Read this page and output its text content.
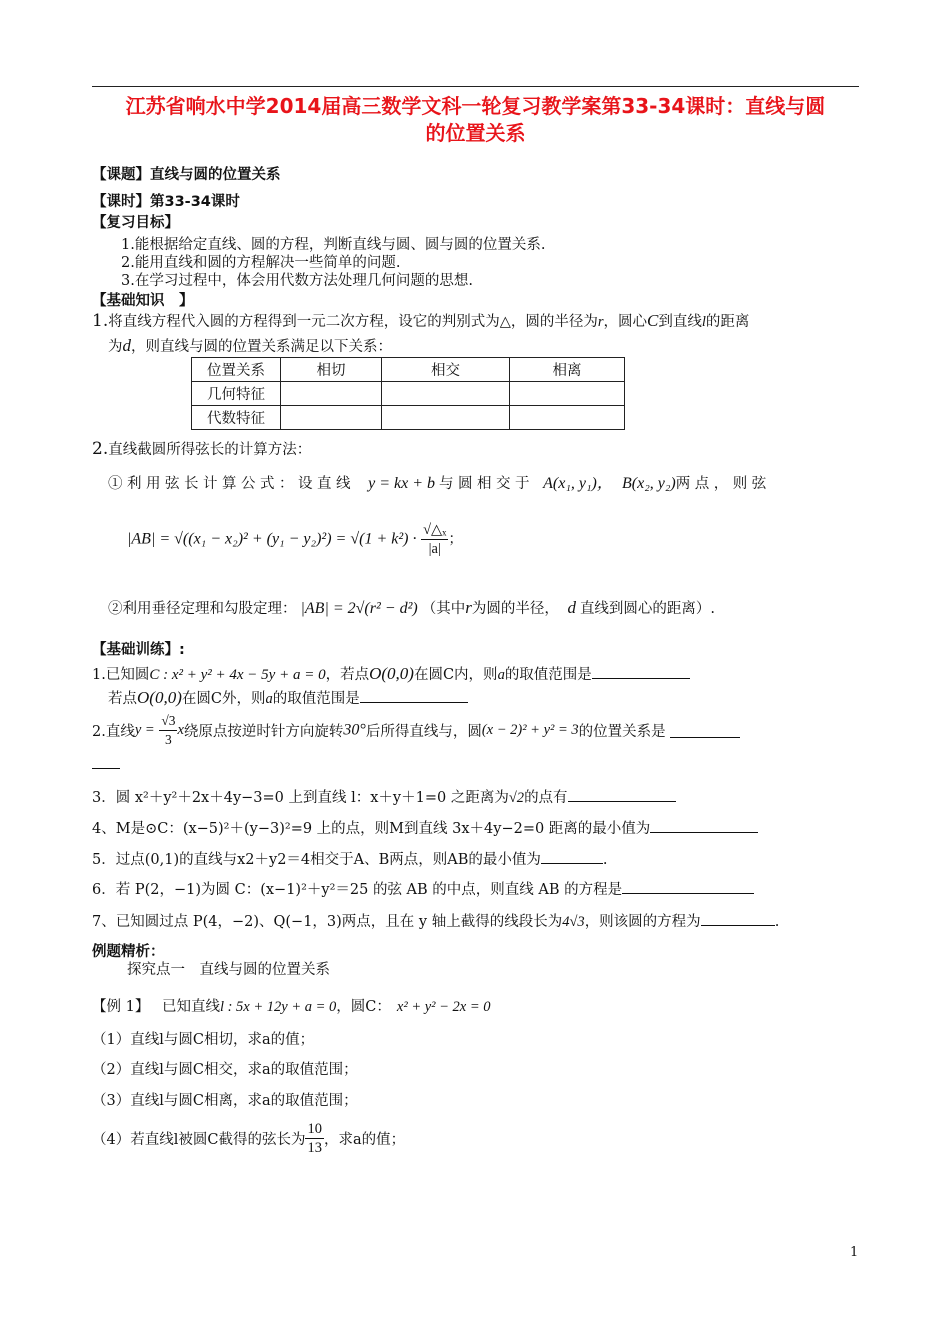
江苏省响水中学2014届高三数学文科一轮复习教学案第33-34课时：直线与圆
的位置关系
【课题】直线与圆的位置关系
【课时】第33-34课时
【复习目标】
1.能根据给定直线、圆的方程，判断直线与圆、圆与圆的位置关系.
2.能用直线和圆的方程解决一些简单的问题.
3.在学习过程中，体会用代数方法处理几何问题的思想.
【基础知识　】
1.将直线方程代入圆的方程得到一元二次方程，设它的判别式为△，圆的半径为r，圆心C到直线l的距离
为d，则直线与圆的位置关系满足以下关系：
位置关系	相切	相交	相离
几何特征			
代数特征			
2.直线截圆所得弦长的计算方法：
①利用弦长计算公式：设直线 y = kx + b 与圆相交于 A(x₁, y₁)， B(x₂, y₂)两点，则弦
$|AB| = √((x_1 - x_2)^2 + (y_1 - y_2)^2) = √(1 + k^2) \cdot \frac{\text{√△ₓ}}{|a|}$ ；
②利用垂径定理和勾股定理： |AB| = 2√(r² − d²) （其中r为圆的半径， d 直线到圆心的距离）.
【基础训练】:
1.已知圆C : x² + y² + 4x − 5y + a = 0，若点O(0,0)在圆C内，则a的取值范围是
若点O(0,0)在圆C外，则a的取值范围是
2.直线$y = \frac{√3}{3}$ x绕原点按逆时针方向旋转30°后所得直线与，圆(x − 2)² + y² = 3的位置关系是
3．圆 x²＋y²＋2x＋4y−3=0 上到直线 l：x＋y＋1=0 之距离为√2的点有
4、M是⊙C：(x−5)²＋(y−3)²=9 上的点，则M到直线 3x＋4y−2=0 距离的最小值为
5．过点(0,1)的直线与x2＋y2＝4相交于A、B两点，则AB的最小值为	.
6．若 P(2，−1)为圆 C：(x−1)²＋y²＝25 的弦 AB 的中点，则直线 AB 的方程是
7、已知圆过点 P(4，−2)、Q(−1，3)两点，且在 y 轴上截得的线段长为4√3，则该圆的方程为	.
例题精析：
探究点一　直线与圆的位置关系
【例 1】 已知直线l : 5x + 12y + a = 0，圆C： x² + y² − 2x = 0
（1）直线l与圆C相切，求a的值；
（2）直线l与圆C相交，求a的取值范围；
（3）直线l与圆C相离，求a的取值范围；
（4）若直线l被圆C截得的弦长为 $\frac{10}{13}$ ，求a的值；
1
